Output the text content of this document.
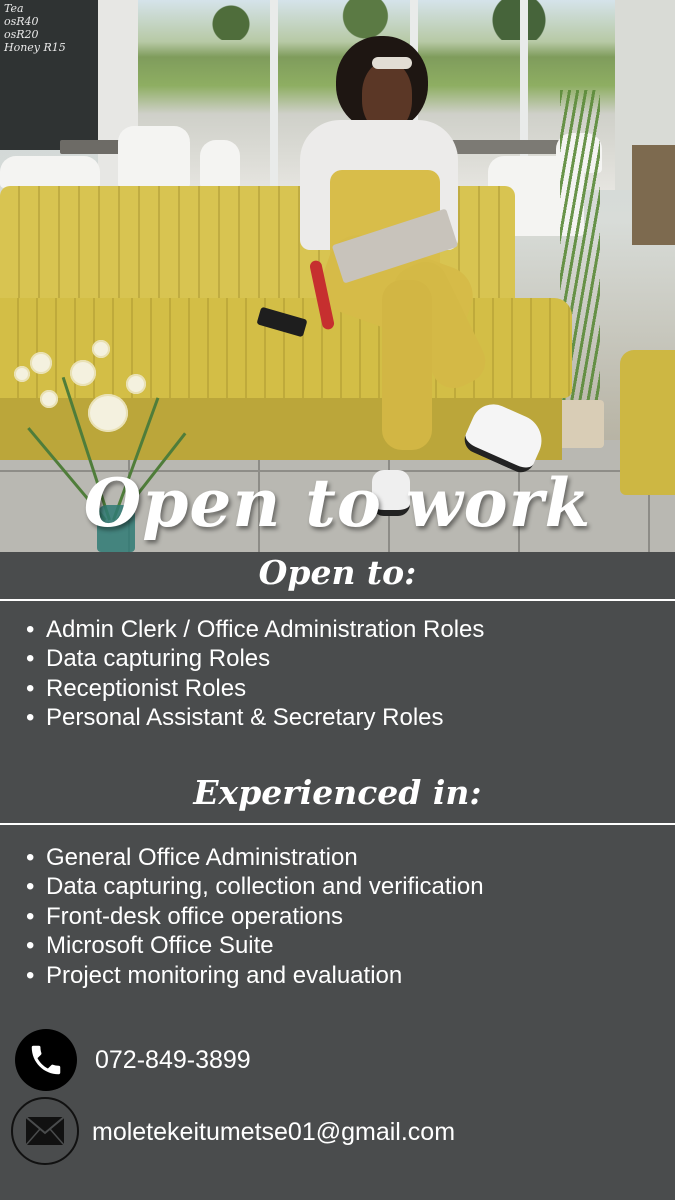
Tea
osR40
osR20
Honey R15
Open to work
Open to:
• Admin Clerk / Office Administration Roles
• Data capturing Roles
• Receptionist Roles
• Personal Assistant & Secretary Roles
Experienced in:
• General Office Administration
• Data capturing, collection and verification
• Front-desk office operations
• Microsoft Office Suite
• Project monitoring and evaluation
072-849-3899
moletekeitumetse01@gmail.com
